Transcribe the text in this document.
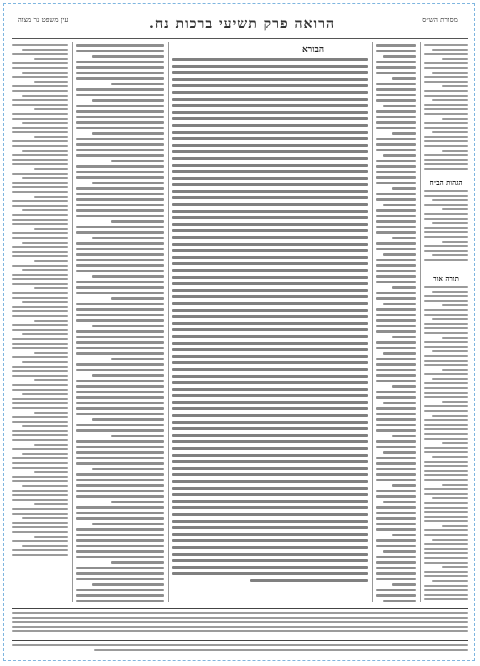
עין משפט נר מצוה	הרואה פרק תשיעי ברכות נח.	מסורת הש״ס
הבורא
הגהות הב״ח
תורה אור
